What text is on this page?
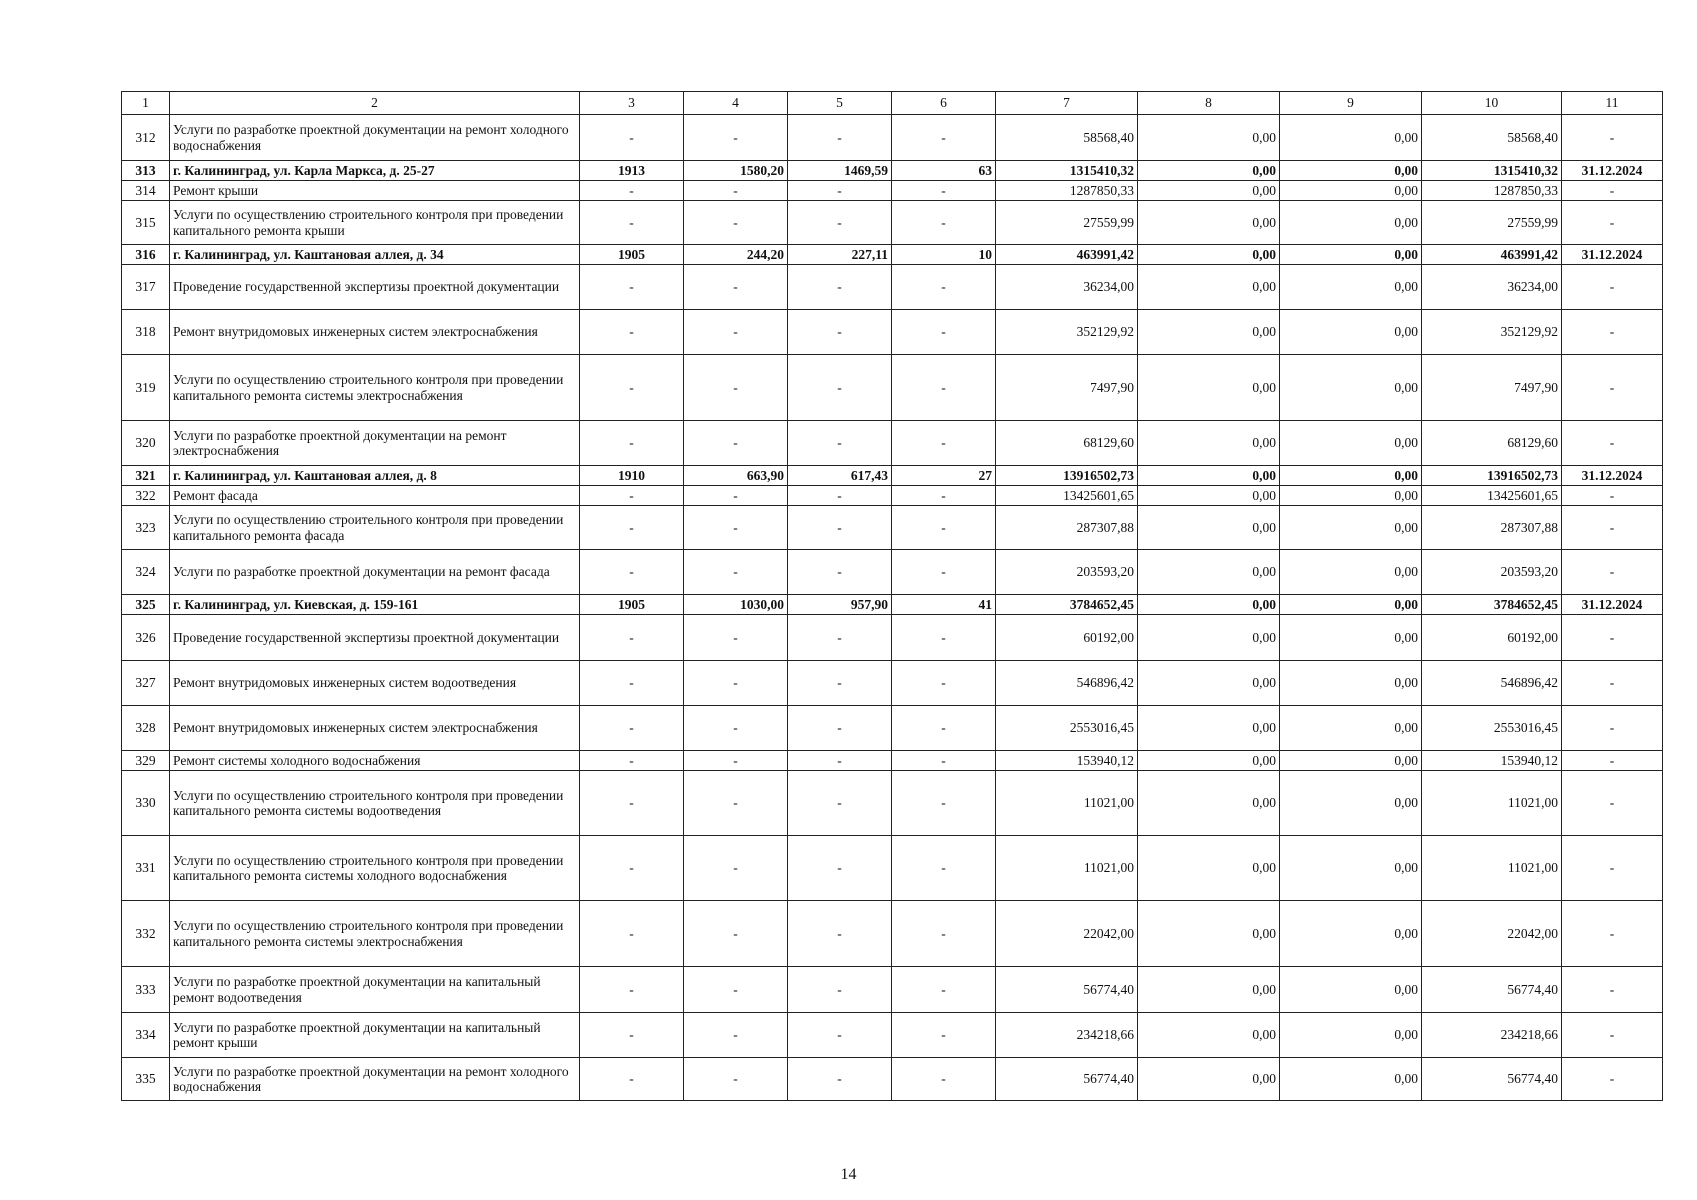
1	2	3	4	5	6	7	8	9	10	11
312	Услуги по разработке проектной документации на ремонт холодного водоснабжения	-	-	-	-	58568,40	0,00	0,00	58568,40	-
313	г. Калининград, ул. Карла Маркса, д. 25-27	1913	1580,20	1469,59	63	1315410,32	0,00	0,00	1315410,32	31.12.2024
314	Ремонт крыши	-	-	-	-	1287850,33	0,00	0,00	1287850,33	-
315	Услуги по осуществлению строительного контроля при проведении капитального ремонта крыши	-	-	-	-	27559,99	0,00	0,00	27559,99	-
316	г. Калининград, ул. Каштановая аллея, д. 34	1905	244,20	227,11	10	463991,42	0,00	0,00	463991,42	31.12.2024
317	Проведение государственной экспертизы проектной документации	-	-	-	-	36234,00	0,00	0,00	36234,00	-
318	Ремонт внутридомовых инженерных систем электроснабжения	-	-	-	-	352129,92	0,00	0,00	352129,92	-
319	Услуги по осуществлению строительного контроля при проведении капитального ремонта системы электроснабжения	-	-	-	-	7497,90	0,00	0,00	7497,90	-
320	Услуги по разработке проектной документации на ремонт электроснабжения	-	-	-	-	68129,60	0,00	0,00	68129,60	-
321	г. Калининград, ул. Каштановая аллея, д. 8	1910	663,90	617,43	27	13916502,73	0,00	0,00	13916502,73	31.12.2024
322	Ремонт фасада	-	-	-	-	13425601,65	0,00	0,00	13425601,65	-
323	Услуги по осуществлению строительного контроля при проведении капитального ремонта фасада	-	-	-	-	287307,88	0,00	0,00	287307,88	-
324	Услуги по разработке проектной документации на ремонт фасада	-	-	-	-	203593,20	0,00	0,00	203593,20	-
325	г. Калининград, ул. Киевская, д. 159-161	1905	1030,00	957,90	41	3784652,45	0,00	0,00	3784652,45	31.12.2024
326	Проведение государственной экспертизы проектной документации	-	-	-	-	60192,00	0,00	0,00	60192,00	-
327	Ремонт внутридомовых инженерных систем водоотведения	-	-	-	-	546896,42	0,00	0,00	546896,42	-
328	Ремонт внутридомовых инженерных систем электроснабжения	-	-	-	-	2553016,45	0,00	0,00	2553016,45	-
329	Ремонт системы холодного водоснабжения	-	-	-	-	153940,12	0,00	0,00	153940,12	-
330	Услуги по осуществлению строительного контроля при проведении капитального ремонта системы водоотведения	-	-	-	-	11021,00	0,00	0,00	11021,00	-
331	Услуги по осуществлению строительного контроля при проведении капитального ремонта системы холодного водоснабжения	-	-	-	-	11021,00	0,00	0,00	11021,00	-
332	Услуги по осуществлению строительного контроля при проведении капитального ремонта системы электроснабжения	-	-	-	-	22042,00	0,00	0,00	22042,00	-
333	Услуги по разработке проектной документации на капитальный ремонт водоотведения	-	-	-	-	56774,40	0,00	0,00	56774,40	-
334	Услуги по разработке проектной документации на капитальный ремонт крыши	-	-	-	-	234218,66	0,00	0,00	234218,66	-
335	Услуги по разработке проектной документации на ремонт холодного водоснабжения	-	-	-	-	56774,40	0,00	0,00	56774,40	-
14
